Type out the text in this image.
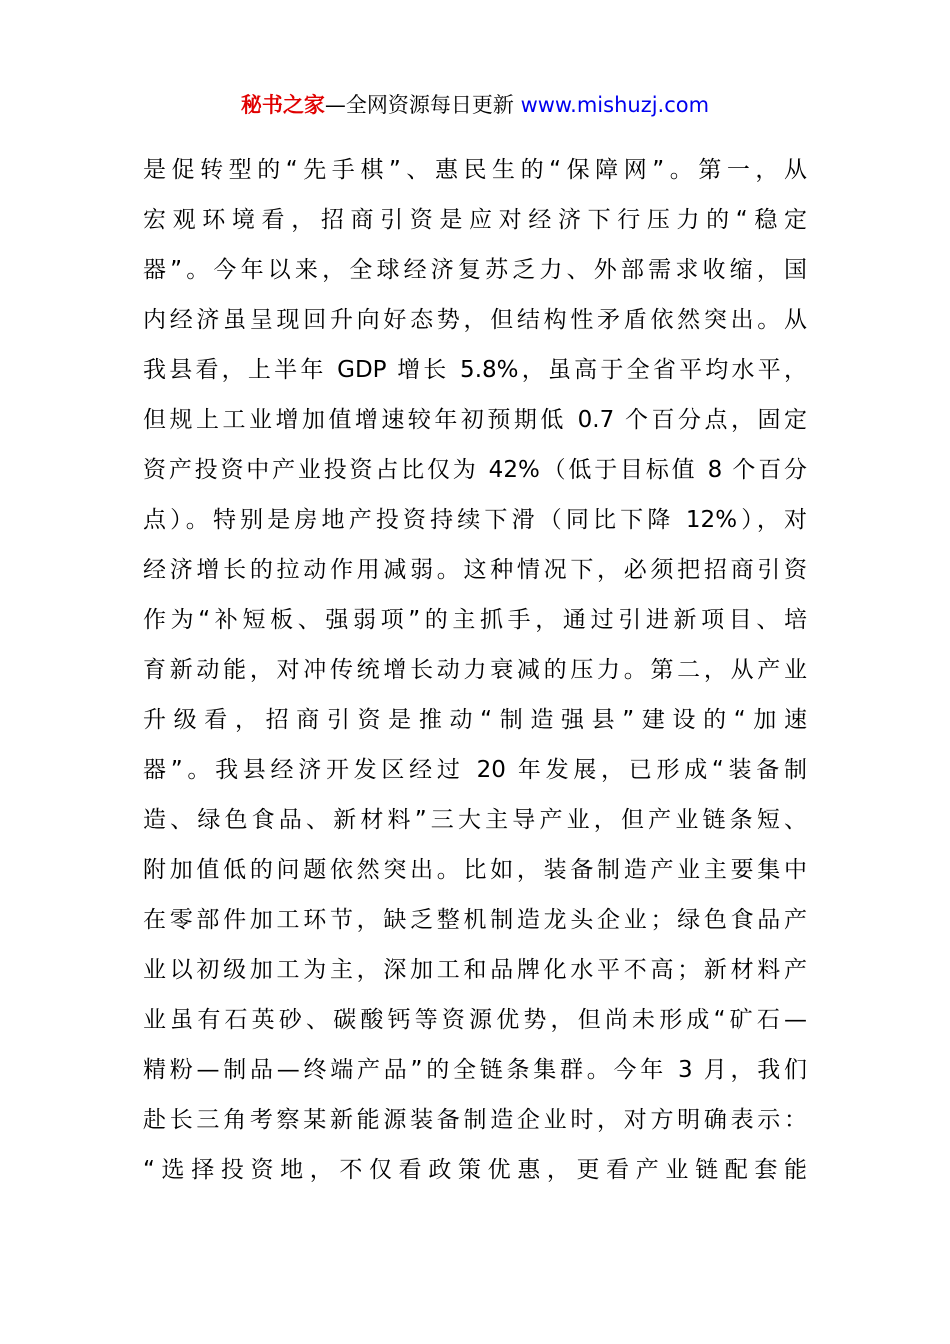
秘书之家—全网资源每日更新 www.mishuzj.com
是促转型的“先手棋”、惠民生的“保障网”。第一，从
宏观环境看，招商引资是应对经济下行压力的“稳定
器”。今年以来，全球经济复苏乏力、外部需求收缩，国
内经济虽呈现回升向好态势，但结构性矛盾依然突出。从
我县看，上半年 GDP 增长 5.8%，虽高于全省平均水平，
但规上工业增加值增速较年初预期低 0.7 个百分点，固定
资产投资中产业投资占比仅为 42%（低于目标值 8 个百分
点）。特别是房地产投资持续下滑（同比下降 12%），对
经济增长的拉动作用减弱。这种情况下，必须把招商引资
作为“补短板、强弱项”的主抓手，通过引进新项目、培
育新动能，对冲传统增长动力衰减的压力。第二，从产业
升级看，招商引资是推动“制造强县”建设的“加速
器”。我县经济开发区经过 20 年发展，已形成“装备制
造、绿色食品、新材料”三大主导产业，但产业链条短、
附加值低的问题依然突出。比如，装备制造产业主要集中
在零部件加工环节，缺乏整机制造龙头企业；绿色食品产
业以初级加工为主，深加工和品牌化水平不高；新材料产
业虽有石英砂、碳酸钙等资源优势，但尚未形成“矿石—
精粉—制品—终端产品”的全链条集群。今年 3 月，我们
赴长三角考察某新能源装备制造企业时，对方明确表示：
“选择投资地，不仅看政策优惠，更看产业链配套能
